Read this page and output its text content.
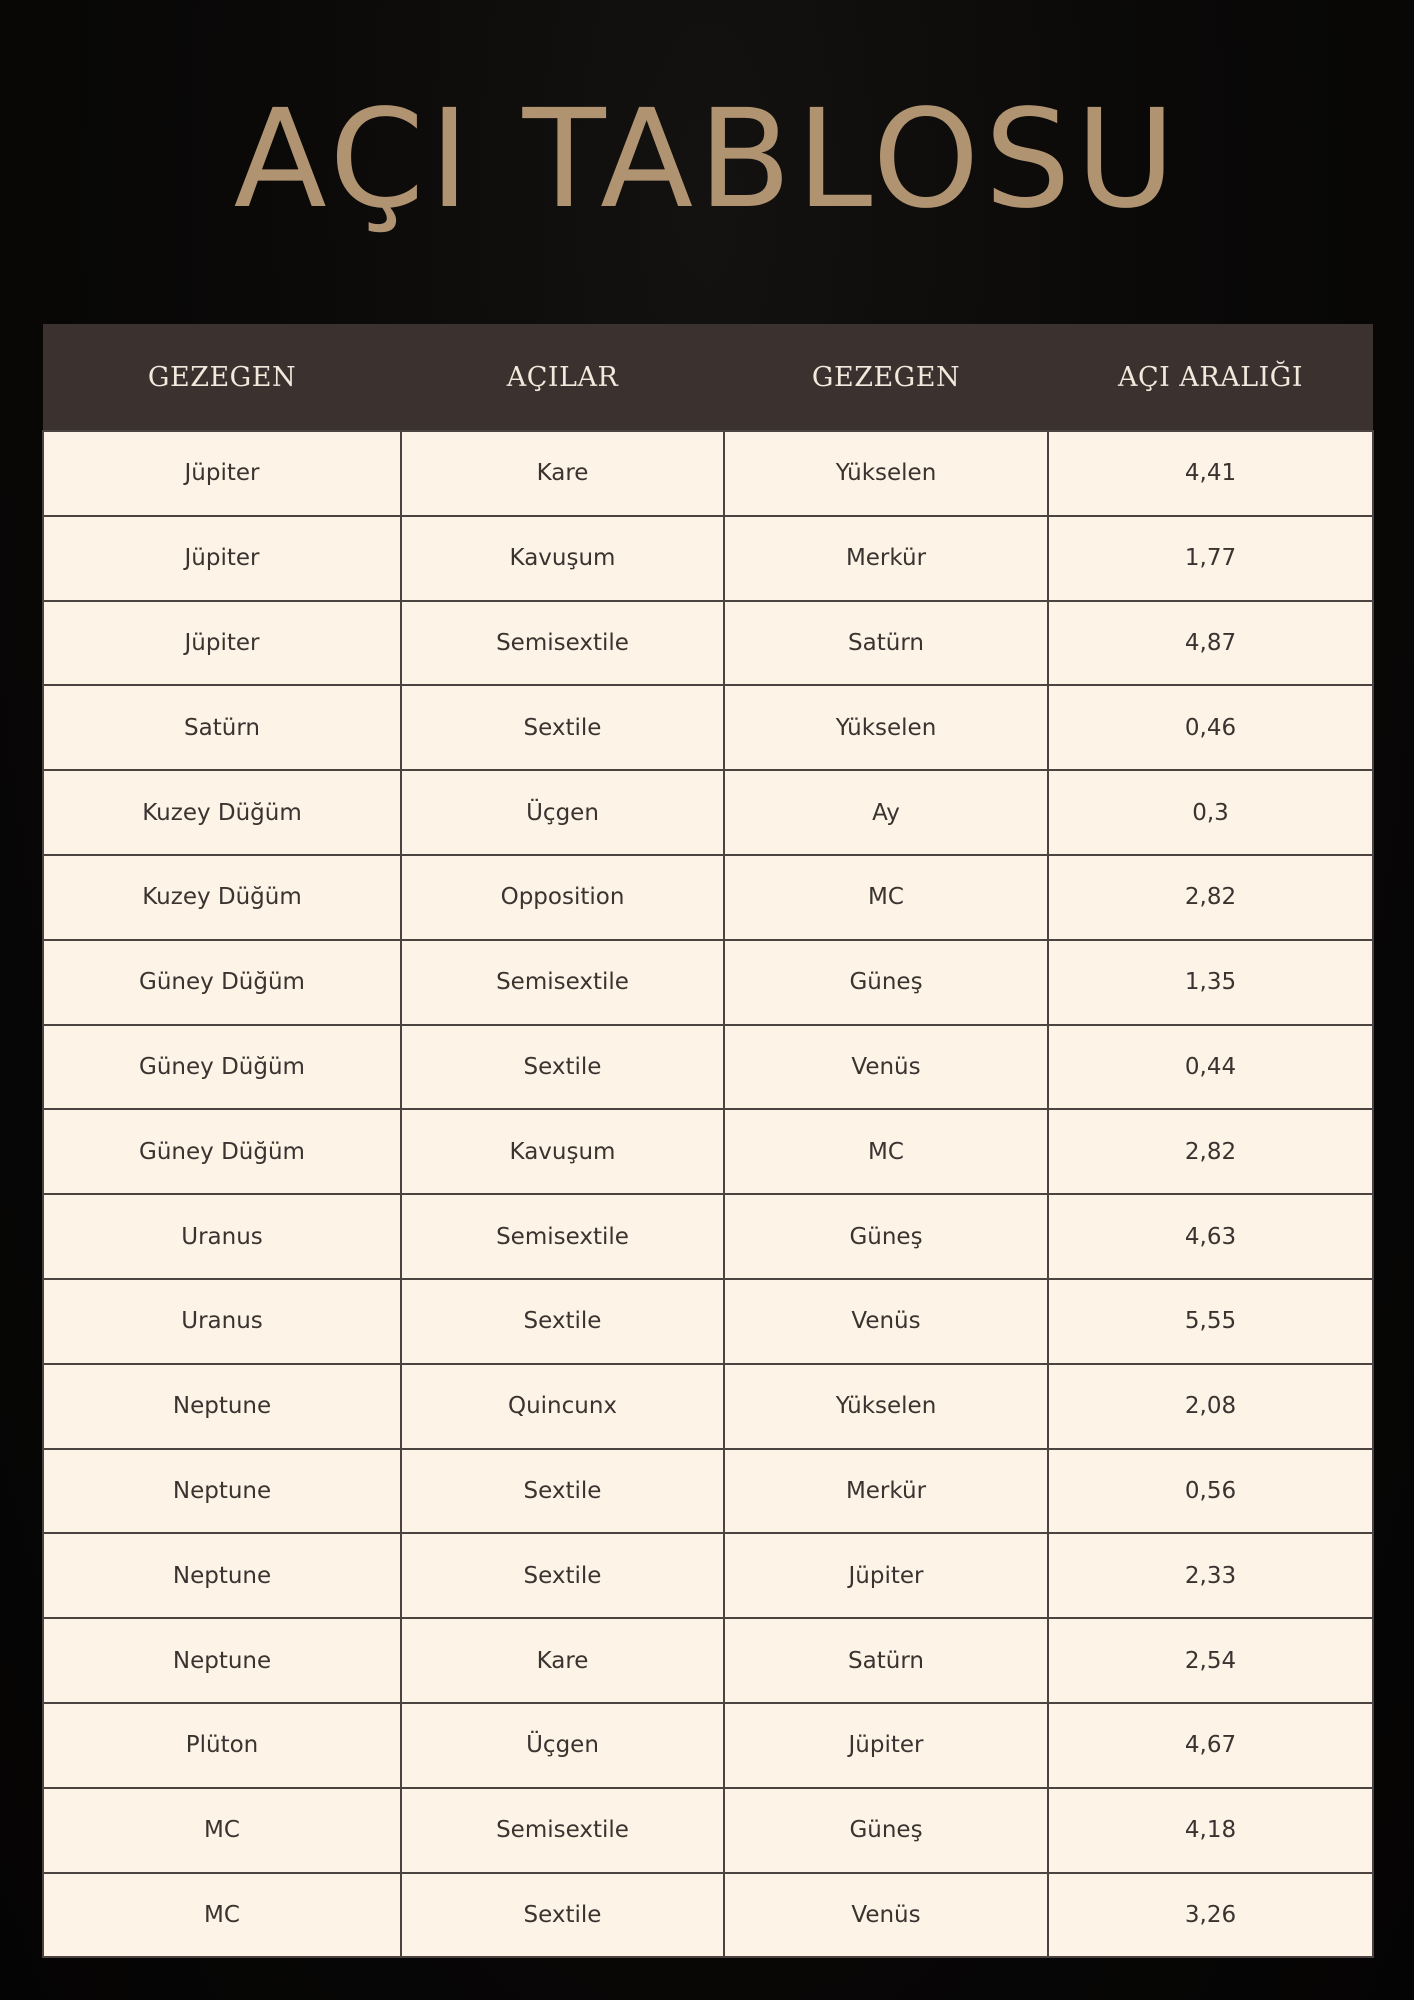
AÇI TABLOSU
GEZEGEN	AÇILAR	GEZEGEN	AÇI ARALIĞI
Jüpiter	Kare	Yükselen	4,41
Jüpiter	Kavuşum	Merkür	1,77
Jüpiter	Semisextile	Satürn	4,87
Satürn	Sextile	Yükselen	0,46
Kuzey Düğüm	Üçgen	Ay	0,3
Kuzey Düğüm	Opposition	MC	2,82
Güney Düğüm	Semisextile	Güneş	1,35
Güney Düğüm	Sextile	Venüs	0,44
Güney Düğüm	Kavuşum	MC	2,82
Uranus	Semisextile	Güneş	4,63
Uranus	Sextile	Venüs	5,55
Neptune	Quincunx	Yükselen	2,08
Neptune	Sextile	Merkür	0,56
Neptune	Sextile	Jüpiter	2,33
Neptune	Kare	Satürn	2,54
Plüton	Üçgen	Jüpiter	4,67
MC	Semisextile	Güneş	4,18
MC	Sextile	Venüs	3,26
